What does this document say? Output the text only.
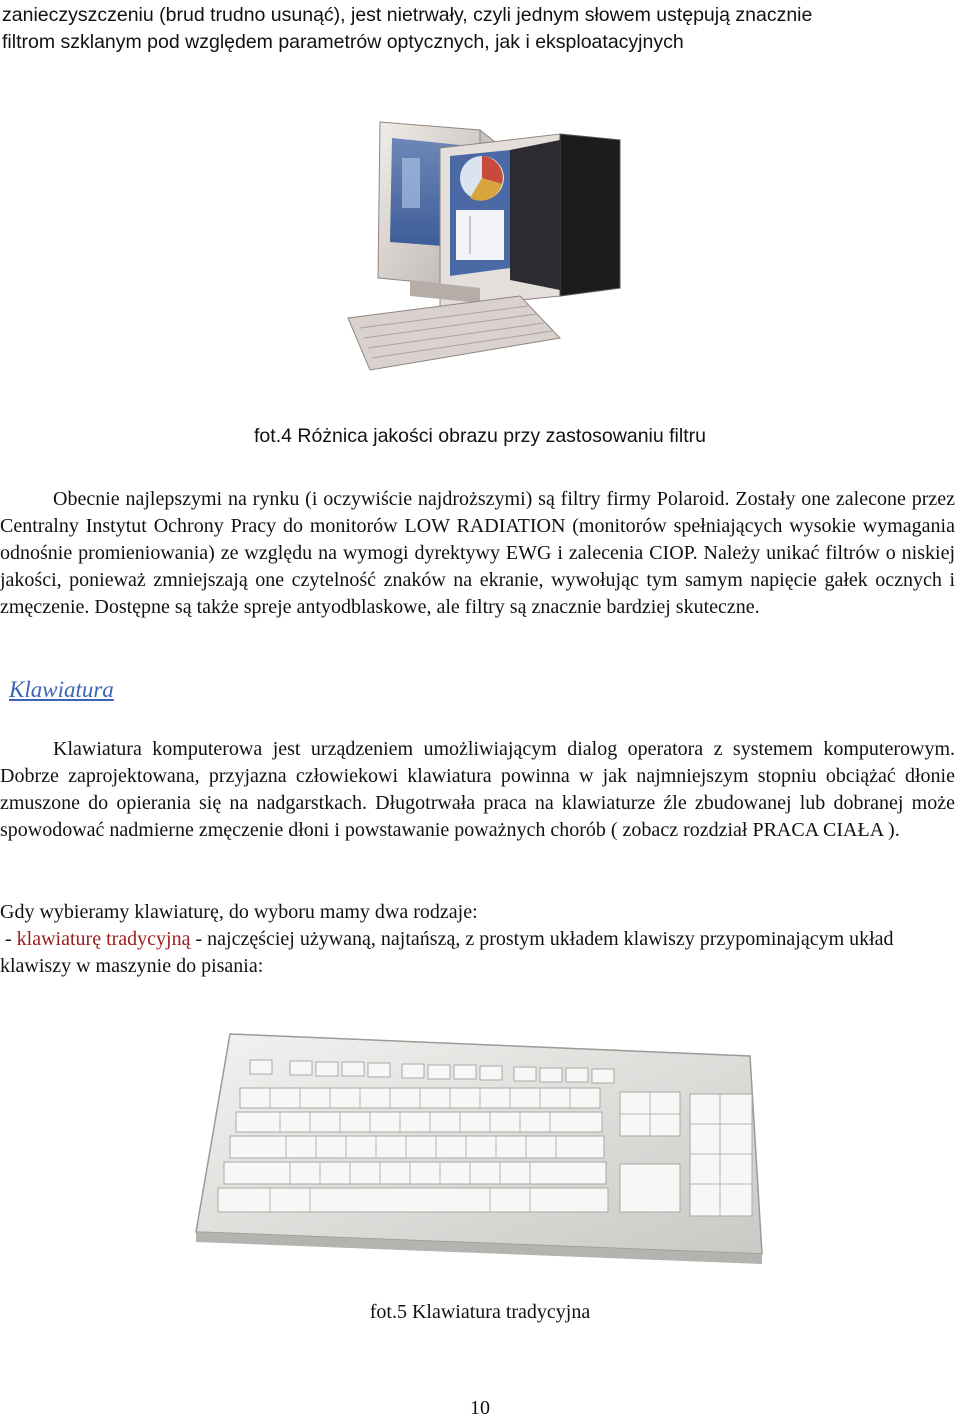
zanieczyszczeniu (brud trudno usunąć), jest nietrwały, czyli jednym słowem ustępują znacznie
filtrom szklanym pod względem parametrów optycznych, jak i eksploatacyjnych
fot.4 Różnica jakości obrazu przy zastosowaniu filtru
Obecnie najlepszymi na rynku (i oczywiście najdroższymi) są filtry firmy Polaroid. Zostały one zalecone przez Centralny Instytut Ochrony Pracy do monitorów LOW RADIATION (monitorów spełniających wysokie wymagania odnośnie promieniowania) ze względu na wymogi dyrektywy EWG i zalecenia CIOP. Należy unikać filtrów o niskiej jakości, ponieważ zmniejszają one czytelność znaków na ekranie, wywołując tym samym napięcie gałek ocznych i zmęczenie. Dostępne są także spreje antyodblaskowe, ale filtry są znacznie bardziej skuteczne.
Klawiatura
Klawiatura komputerowa jest urządzeniem umożliwiającym dialog operatora z systemem komputerowym. Dobrze zaprojektowana, przyjazna człowiekowi klawiatura powinna w jak najmniejszym stopniu obciążać dłonie zmuszone do opierania się na nadgarstkach. Długotrwała praca na klawiaturze źle zbudowanej lub dobranej może spowodować nadmierne zmęczenie dłoni i powstawanie poważnych chorób ( zobacz rozdział PRACA CIAŁA ).
Gdy wybieramy klawiaturę, do wyboru mamy dwa rodzaje:
- klawiaturę tradycyjną - najczęściej używaną, najtańszą, z prostym układem klawiszy przypominającym układ klawiszy w maszynie do pisania:
fot.5 Klawiatura tradycyjna
10
